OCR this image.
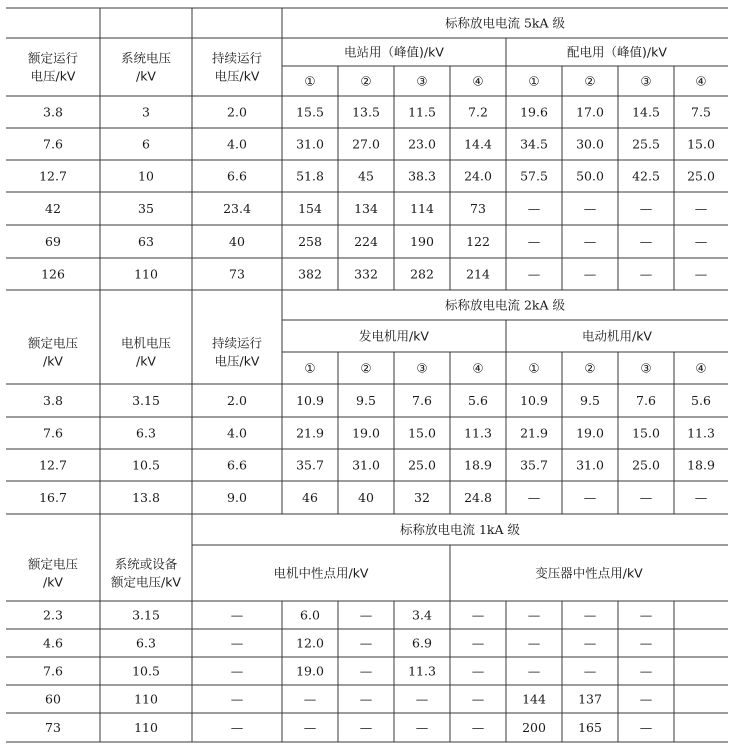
标称放电电流 5kA 级
额定运行
电压/kV
系统电压
/kV
持续运行
电压/kV
电站用（峰值)/kV	配电用（峰值)/kV
①	②	③	④	①	②	③	④
3.8	3	2.0	15.5 13.5 11.5	7.2	19.6 17.0 14.5 7.5
7.6	6	4.0	31.0 27.0 23.0 14.4 34.5 30.0 25.5 15.0
12.7	10	6.6	51.8	45	38.3 24.0 57.5 50.0 42.5 25.0
42	35	23.4	154	134	114	73	—	—	—	—
69	63	40	258	224	190	122	—	—	—	—
126	110	73	382	332	282	214	—	—	—	—
标称放电电流 2kA 级
额定电压
/kV
电机电压
/kV
持续运行
电压/kV
发电机用/kV	电动机用/kV
①	②	③	④	①	②	③	④
3.8	3.15	2.0	10.9	9.5	7.6	5.6	10.9	9.5	7.6	5.6
7.6	6.3	4.0	21.9 19.0 15.0 11.3 21.9 19.0 15.0 11.3
12.7	10.5	6.6	35.7 31.0 25.0 18.9 35.7 31.0 25.0 18.9
16.7	13.8	9.0	46	40	32	24.8	—	—	—	—
标称放电电流 1kA 级
额定电压
/kV
系统或设备
额定电压/kV
电机中性点用/kV	变压器中性点用/kV
2.3	3.15	—	6.0	—	3.4	—	—	—	—
4.6	6.3	—	12.0	—	6.9	—	—	—	—
7.6	10.5	—	19.0	—	11.3	—	—	—	—
60	110	—	—	—	—	—	144	137	—
73	110	—	—	—	—	—	200	165	—
